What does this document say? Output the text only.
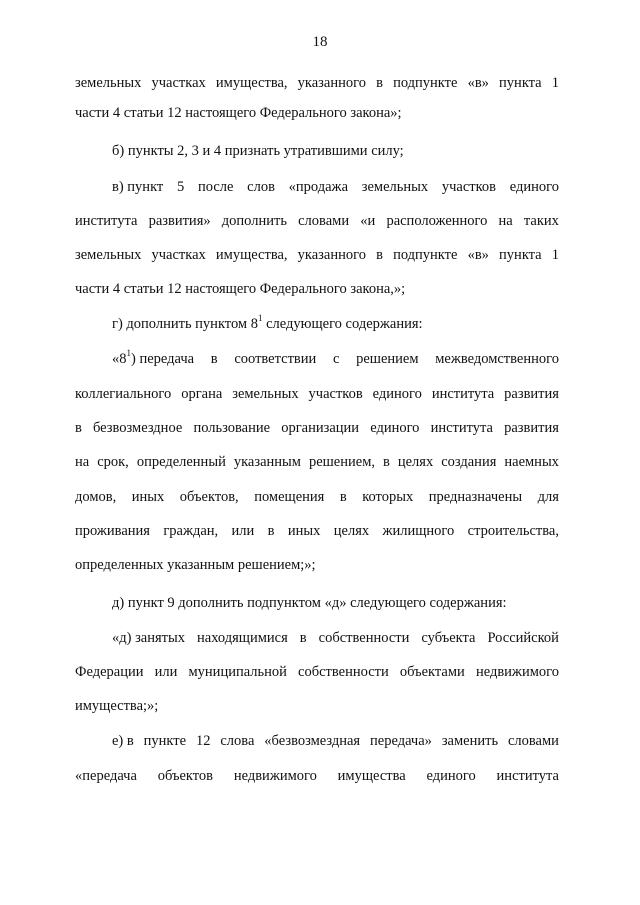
18
земельных участках имущества, указанного в подпункте «в» пункта 1
части 4 статьи 12 настоящего Федерального закона»;
б) пункты 2, 3 и 4 признать утратившими силу;
в) пункт 5 после слов «продажа земельных участков единого
института развития» дополнить словами «и расположенного на таких
земельных участках имущества, указанного в подпункте «в» пункта 1
части 4 статьи 12 настоящего Федерального закона,»;
г) дополнить пунктом $8^1$ следующего содержания:
«$8^1$) передача в соответствии с решением межведомственного
коллегиального органа земельных участков единого института развития
в безвозмездное пользование организации единого института развития
на срок, определенный указанным решением, в целях создания наемных
домов, иных объектов, помещения в которых предназначены для
проживания граждан, или в иных целях жилищного строительства,
определенных указанным решением;»;
д) пункт 9 дополнить подпунктом «д» следующего содержания:
«д) занятых находящимися в собственности субъекта Российской
Федерации или муниципальной собственности объектами недвижимого
имущества;»;
е) в пункте 12 слова «безвозмездная передача» заменить словами
«передача объектов недвижимого имущества единого института
